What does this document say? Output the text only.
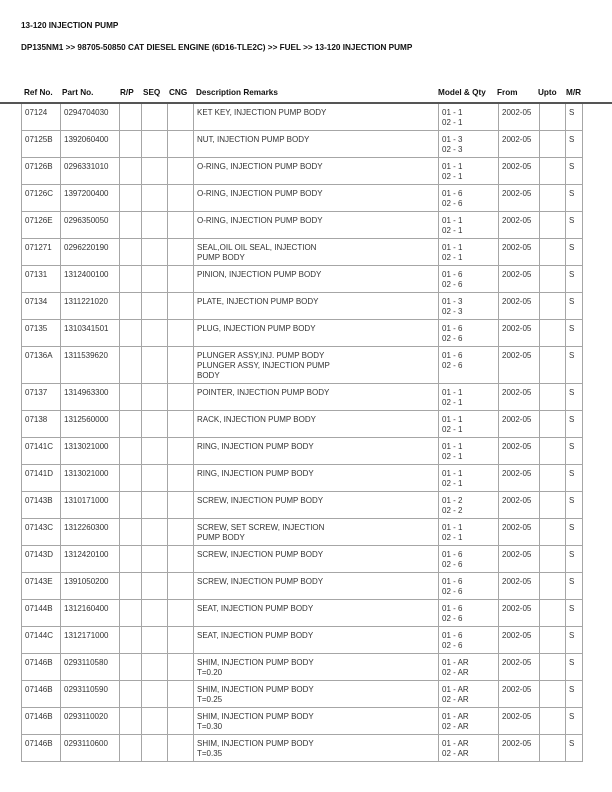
13-120 INJECTION PUMP
DP135NM1 >> 98705-50850 CAT DIESEL ENGINE (6D16-TLE2C) >> FUEL >> 13-120 INJECTION PUMP
Ref No. Part No.	R/P SEQ CNG Description Remarks	Model & Qty From	Upto M/R
07124	0294704030				KET KEY, INJECTION PUMP BODY	01 - 1
02 - 1	2002-05		S
07125B	1392060400				NUT, INJECTION PUMP BODY	01 - 3
02 - 3	2002-05		S
07126B	0296331010				O-RING, INJECTION PUMP BODY	01 - 1
02 - 1	2002-05		S
07126C	1397200400				O-RING, INJECTION PUMP BODY	01 - 6
02 - 6	2002-05		S
07126E	0296350050				O-RING, INJECTION PUMP BODY	01 - 1
02 - 1	2002-05		S
071271	0296220190				SEAL,OIL OIL SEAL, INJECTION
PUMP BODY	01 - 1
02 - 1	2002-05		S
07131	1312400100				PINION, INJECTION PUMP BODY	01 - 6
02 - 6	2002-05		S
07134	1311221020				PLATE, INJECTION PUMP BODY	01 - 3
02 - 3	2002-05		S
07135	1310341501				PLUG, INJECTION PUMP BODY	01 - 6
02 - 6	2002-05		S
07136A	1311539620				PLUNGER ASSY,INJ. PUMP BODY
PLUNGER ASSY, INJECTION PUMP
BODY	01 - 6
02 - 6	2002-05		S
07137	1314963300				POINTER, INJECTION PUMP BODY	01 - 1
02 - 1	2002-05		S
07138	1312560000				RACK, INJECTION PUMP BODY	01 - 1
02 - 1	2002-05		S
07141C	1313021000				RING, INJECTION PUMP BODY	01 - 1
02 - 1	2002-05		S
07141D	1313021000				RING, INJECTION PUMP BODY	01 - 1
02 - 1	2002-05		S
07143B	1310171000				SCREW, INJECTION PUMP BODY	01 - 2
02 - 2	2002-05		S
07143C	1312260300				SCREW, SET SCREW, INJECTION
PUMP BODY	01 - 1
02 - 1	2002-05		S
07143D	1312420100				SCREW, INJECTION PUMP BODY	01 - 6
02 - 6	2002-05		S
07143E	1391050200				SCREW, INJECTION PUMP BODY	01 - 6
02 - 6	2002-05		S
07144B	1312160400				SEAT, INJECTION PUMP BODY	01 - 6
02 - 6	2002-05		S
07144C	1312171000				SEAT, INJECTION PUMP BODY	01 - 6
02 - 6	2002-05		S
07146B	0293110580				SHIM, INJECTION PUMP BODY
T=0.20	01 - AR
02 - AR	2002-05		S
07146B	0293110590				SHIM, INJECTION PUMP BODY
T=0.25	01 - AR
02 - AR	2002-05		S
07146B	0293110020				SHIM, INJECTION PUMP BODY
T=0.30	01 - AR
02 - AR	2002-05		S
07146B	0293110600				SHIM, INJECTION PUMP BODY
T=0.35	01 - AR
02 - AR	2002-05		S
